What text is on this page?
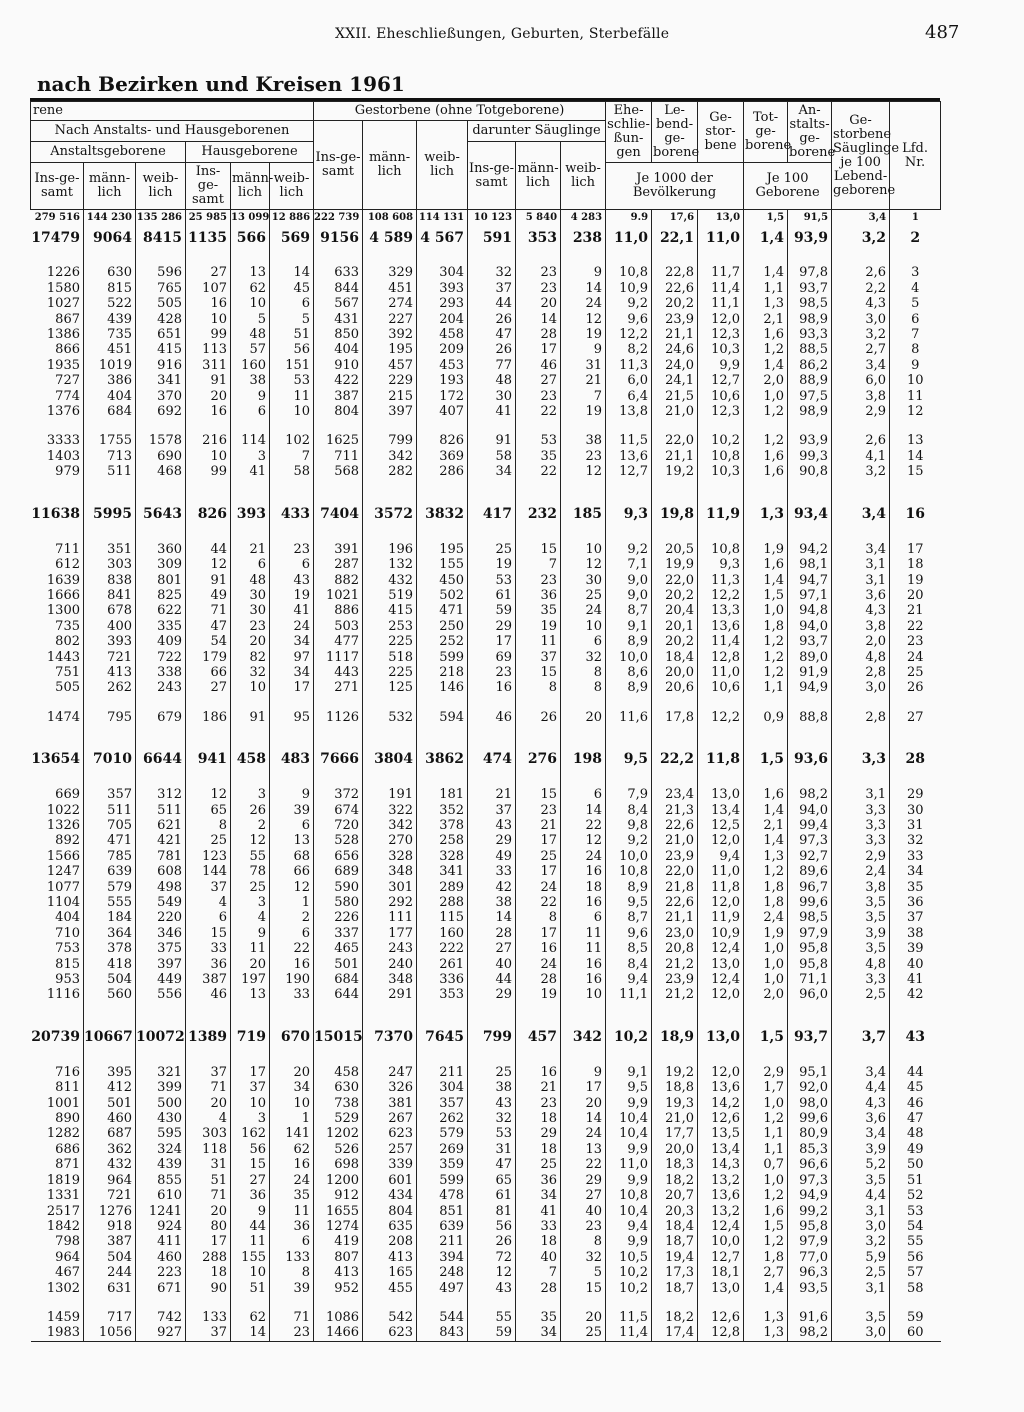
XXII. Eheschließungen, Geburten, Sterbefälle	487
nach Bezirken und Kreisen 1961
rene						Gestorbene (ohne Totgeborene)						Ehe-schlie-ßun-gen	Le-bend-ge-borene	Ge-stor-bene	Tot-ge-borene	An-stalts-ge-borene	Ge-storbene Säuglinge je 100 Lebend-geborene	Lfd. Nr.
Nach Anstalts- und Hausgeborenen						Ins-ge-samt	männ-lich	weib-lich	darunter Säuglinge									
Anstaltsgeborene			Hausgeborene						Ins-ge-samt	männ-lich	weib-lich							
Ins-ge-samt	männ-lich	weib-lich	Ins-ge-samt	männ-lich	weib-lich							Je 1000 der Bevölkerung			Je 100 Geborene			

279 516	144 230	135 286	25 985	13 099	12 886	222 739	108 608	114 131	10 123	5 840	4 283	9.9	17,6	13,0	1,5	91,5	3,4	1
17479	9064	8415	1135	566	569	9156	4 589	4 567	591	353	238	11,0	22,1	11,0	1,4	93,9	3,2	2

1226	630	596	27	13	14	633	329	304	32	23	9	10,8	22,8	11,7	1,4	97,8	2,6	3
1580	815	765	107	62	45	844	451	393	37	23	14	10,9	22,6	11,4	1,1	93,7	2,2	4
1027	522	505	16	10	6	567	274	293	44	20	24	9,2	20,2	11,1	1,3	98,5	4,3	5
867	439	428	10	5	5	431	227	204	26	14	12	9,6	23,9	12,0	2,1	98,9	3,0	6
1386	735	651	99	48	51	850	392	458	47	28	19	12,2	21,1	12,3	1,6	93,3	3,2	7
866	451	415	113	57	56	404	195	209	26	17	9	8,2	24,6	10,3	1,2	88,5	2,7	8
1935	1019	916	311	160	151	910	457	453	77	46	31	11,3	24,0	9,9	1,4	86,2	3,4	9
727	386	341	91	38	53	422	229	193	48	27	21	6,0	24,1	12,7	2,0	88,9	6,0	10
774	404	370	20	9	11	387	215	172	30	23	7	6,4	21,5	10,6	1,0	97,5	3,8	11
1376	684	692	16	6	10	804	397	407	41	22	19	13,8	21,0	12,3	1,2	98,9	2,9	12

3333	1755	1578	216	114	102	1625	799	826	91	53	38	11,5	22,0	10,2	1,2	93,9	2,6	13
1403	713	690	10	3	7	711	342	369	58	35	23	13,6	21,1	10,8	1,6	99,3	4,1	14
979	511	468	99	41	58	568	282	286	34	22	12	12,7	19,2	10,3	1,6	90,8	3,2	15

11638	5995	5643	826	393	433	7404	3572	3832	417	232	185	9,3	19,8	11,9	1,3	93,4	3,4	16

711	351	360	44	21	23	391	196	195	25	15	10	9,2	20,5	10,8	1,9	94,2	3,4	17
612	303	309	12	6	6	287	132	155	19	7	12	7,1	19,9	9,3	1,6	98,1	3,1	18
1639	838	801	91	48	43	882	432	450	53	23	30	9,0	22,0	11,3	1,4	94,7	3,1	19
1666	841	825	49	30	19	1021	519	502	61	36	25	9,0	20,2	12,2	1,5	97,1	3,6	20
1300	678	622	71	30	41	886	415	471	59	35	24	8,7	20,4	13,3	1,0	94,8	4,3	21
735	400	335	47	23	24	503	253	250	29	19	10	9,1	20,1	13,6	1,8	94,0	3,8	22
802	393	409	54	20	34	477	225	252	17	11	6	8,9	20,2	11,4	1,2	93,7	2,0	23
1443	721	722	179	82	97	1117	518	599	69	37	32	10,0	18,4	12,8	1,2	89,0	4,8	24
751	413	338	66	32	34	443	225	218	23	15	8	8,6	20,0	11,0	1,2	91,9	2,8	25
505	262	243	27	10	17	271	125	146	16	8	8	8,9	20,6	10,6	1,1	94,9	3,0	26

1474	795	679	186	91	95	1126	532	594	46	26	20	11,6	17,8	12,2	0,9	88,8	2,8	27

13654	7010	6644	941	458	483	7666	3804	3862	474	276	198	9,5	22,2	11,8	1,5	93,6	3,3	28

669	357	312	12	3	9	372	191	181	21	15	6	7,9	23,4	13,0	1,6	98,2	3,1	29
1022	511	511	65	26	39	674	322	352	37	23	14	8,4	21,3	13,4	1,4	94,0	3,3	30
1326	705	621	8	2	6	720	342	378	43	21	22	9,8	22,6	12,5	2,1	99,4	3,3	31
892	471	421	25	12	13	528	270	258	29	17	12	9,2	21,0	12,0	1,4	97,3	3,3	32
1566	785	781	123	55	68	656	328	328	49	25	24	10,0	23,9	9,4	1,3	92,7	2,9	33
1247	639	608	144	78	66	689	348	341	33	17	16	10,8	22,0	11,0	1,2	89,6	2,4	34
1077	579	498	37	25	12	590	301	289	42	24	18	8,9	21,8	11,8	1,8	96,7	3,8	35
1104	555	549	4	3	1	580	292	288	38	22	16	9,5	22,6	12,0	1,8	99,6	3,5	36
404	184	220	6	4	2	226	111	115	14	8	6	8,7	21,1	11,9	2,4	98,5	3,5	37
710	364	346	15	9	6	337	177	160	28	17	11	9,6	23,0	10,9	1,9	97,9	3,9	38
753	378	375	33	11	22	465	243	222	27	16	11	8,5	20,8	12,4	1,0	95,8	3,5	39
815	418	397	36	20	16	501	240	261	40	24	16	8,4	21,2	13,0	1,0	95,8	4,8	40
953	504	449	387	197	190	684	348	336	44	28	16	9,4	23,9	12,4	1,0	71,1	3,3	41
1116	560	556	46	13	33	644	291	353	29	19	10	11,1	21,2	12,0	2,0	96,0	2,5	42

20739	10667	10072	1389	719	670	15015	7370	7645	799	457	342	10,2	18,9	13,0	1,5	93,7	3,7	43

716	395	321	37	17	20	458	247	211	25	16	9	9,1	19,2	12,0	2,9	95,1	3,4	44
811	412	399	71	37	34	630	326	304	38	21	17	9,5	18,8	13,6	1,7	92,0	4,4	45
1001	501	500	20	10	10	738	381	357	43	23	20	9,9	19,3	14,2	1,0	98,0	4,3	46
890	460	430	4	3	1	529	267	262	32	18	14	10,4	21,0	12,6	1,2	99,6	3,6	47
1282	687	595	303	162	141	1202	623	579	53	29	24	10,4	17,7	13,5	1,1	80,9	3,4	48
686	362	324	118	56	62	526	257	269	31	18	13	9,9	20,0	13,4	1,1	85,3	3,9	49
871	432	439	31	15	16	698	339	359	47	25	22	11,0	18,3	14,3	0,7	96,6	5,2	50
1819	964	855	51	27	24	1200	601	599	65	36	29	9,9	18,2	13,2	1,0	97,3	3,5	51
1331	721	610	71	36	35	912	434	478	61	34	27	10,8	20,7	13,6	1,2	94,9	4,4	52
2517	1276	1241	20	9	11	1655	804	851	81	41	40	10,4	20,3	13,2	1,6	99,2	3,1	53
1842	918	924	80	44	36	1274	635	639	56	33	23	9,4	18,4	12,4	1,5	95,8	3,0	54
798	387	411	17	11	6	419	208	211	26	18	8	9,9	18,7	10,0	1,2	97,9	3,2	55
964	504	460	288	155	133	807	413	394	72	40	32	10,5	19,4	12,7	1,8	77,0	5,9	56
467	244	223	18	10	8	413	165	248	12	7	5	10,2	17,3	18,1	2,7	96,3	2,5	57
1302	631	671	90	51	39	952	455	497	43	28	15	10,2	18,7	13,0	1,4	93,5	3,1	58

1459	717	742	133	62	71	1086	542	544	55	35	20	11,5	18,2	12,6	1,3	91,6	3,5	59
1983	1056	927	37	14	23	1466	623	843	59	34	25	11,4	17,4	12,8	1,3	98,2	3,0	60
